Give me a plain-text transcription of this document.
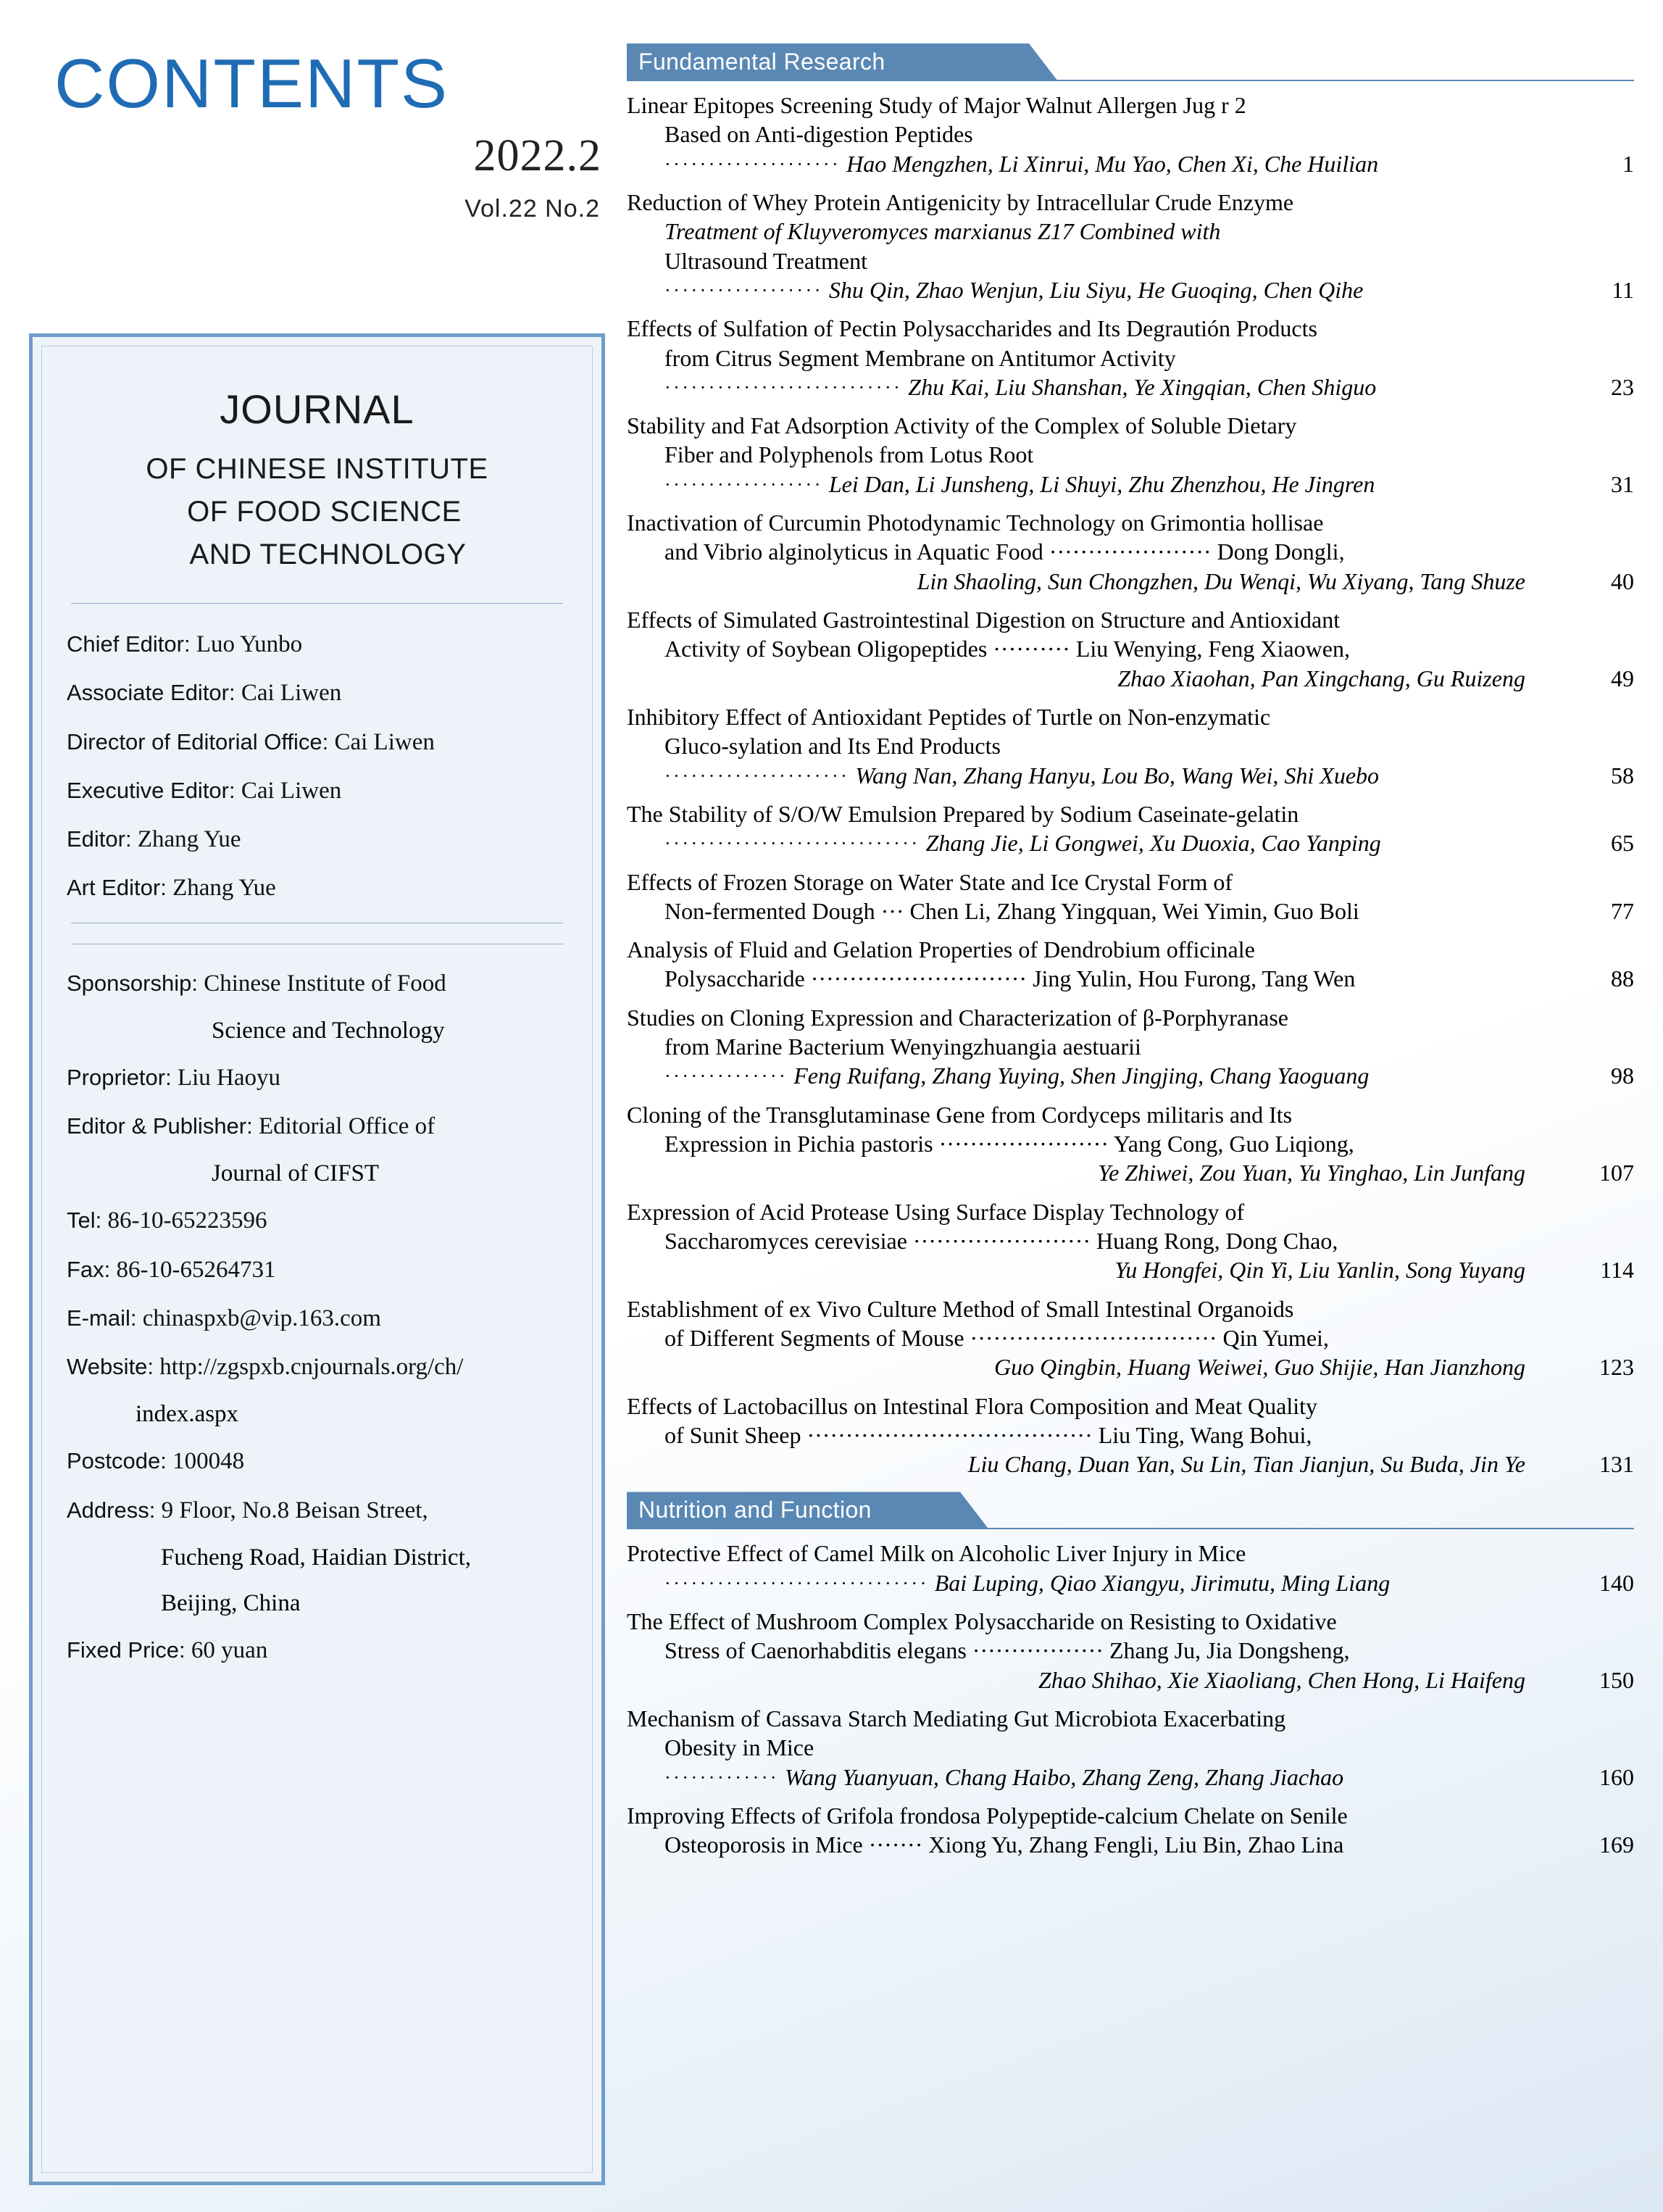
CONTENTS
2022.2
Vol.22 No.2
JOURNAL
OF CHINESE INSTITUTE
OF FOOD SCIENCE
AND TECHNOLOGY
Chief Editor: Luo Yunbo
Associate Editor: Cai Liwen
Director of Editorial Office: Cai Liwen
Executive Editor: Cai Liwen
Editor: Zhang Yue
Art Editor: Zhang Yue
Sponsorship: Chinese Institute of Food
Science and Technology
Proprietor: Liu Haoyu
Editor & Publisher: Editorial Office of
Journal of CIFST
Tel: 86-10-65223596
Fax: 86-10-65264731
E-mail: chinaspxb@vip.163.com
Website: http://zgspxb.cnjournals.org/ch/
index.aspx
Postcode: 100048
Address: 9 Floor, No.8 Beisan Street,
Fucheng Road, Haidian District,
Beijing, China
Fixed Price: 60 yuan
Fundamental Research
Linear Epitopes Screening Study of Major Walnut Allergen Jug r 2
Based on Anti-digestion Peptides
···················· Hao Mengzhen, Li Xinrui, Mu Yao, Chen Xi, Che Huilian	1
Reduction of Whey Protein Antigenicity by Intracellular Crude Enzyme
Treatment of Kluyveromyces marxianus Z17 Combined with
Ultrasound Treatment
·················· Shu Qin, Zhao Wenjun, Liu Siyu, He Guoqing, Chen Qihe	11
Effects of Sulfation of Pectin Polysaccharides and Its Degrautión Products
from Citrus Segment Membrane on Antitumor Activity
··························· Zhu Kai, Liu Shanshan, Ye Xingqian, Chen Shiguo	23
Stability and Fat Adsorption Activity of the Complex of Soluble Dietary
Fiber and Polyphenols from Lotus Root
·················· Lei Dan, Li Junsheng, Li Shuyi, Zhu Zhenzhou, He Jingren	31
Inactivation of Curcumin Photodynamic Technology on Grimontia hollisae
and Vibrio alginolyticus in Aquatic Food ····················· Dong Dongli,
Lin Shaoling, Sun Chongzhen, Du Wenqi, Wu Xiyang, Tang Shuze	40
Effects of Simulated Gastrointestinal Digestion on Structure and Antioxidant
Activity of Soybean Oligopeptides ·········· Liu Wenying, Feng Xiaowen,
Zhao Xiaohan, Pan Xingchang, Gu Ruizeng	49
Inhibitory Effect of Antioxidant Peptides of Turtle on Non-enzymatic
Gluco-sylation and Its End Products
····················· Wang Nan, Zhang Hanyu, Lou Bo, Wang Wei, Shi Xuebo	58
The Stability of S/O/W Emulsion Prepared by Sodium Caseinate-gelatin
····························· Zhang Jie, Li Gongwei, Xu Duoxia, Cao Yanping	65
Effects of Frozen Storage on Water State and Ice Crystal Form of
Non-fermented Dough ··· Chen Li, Zhang Yingquan, Wei Yimin, Guo Boli	77
Analysis of Fluid and Gelation Properties of Dendrobium officinale
Polysaccharide ···························· Jing Yulin, Hou Furong, Tang Wen	88
Studies on Cloning Expression and Characterization of β-Porphyranase
from Marine Bacterium Wenyingzhuangia aestuarii
·············· Feng Ruifang, Zhang Yuying, Shen Jingjing, Chang Yaoguang	98
Cloning of the Transglutaminase Gene from Cordyceps militaris and Its
Expression in Pichia pastoris ······················ Yang Cong, Guo Liqiong,
Ye Zhiwei, Zou Yuan, Yu Yinghao, Lin Junfang	107
Expression of Acid Protease Using Surface Display Technology of
Saccharomyces cerevisiae ······················· Huang Rong, Dong Chao,
Yu Hongfei, Qin Yi, Liu Yanlin, Song Yuyang	114
Establishment of ex Vivo Culture Method of Small Intestinal Organoids
of Different Segments of Mouse ································ Qin Yumei,
Guo Qingbin, Huang Weiwei, Guo Shijie, Han Jianzhong	123
Effects of Lactobacillus on Intestinal Flora Composition and Meat Quality
of Sunit Sheep ····································· Liu Ting, Wang Bohui,
Liu Chang, Duan Yan, Su Lin, Tian Jianjun, Su Buda, Jin Ye	131
Nutrition and Function
Protective Effect of Camel Milk on Alcoholic Liver Injury in Mice
······························ Bai Luping, Qiao Xiangyu, Jirimutu, Ming Liang	140
The Effect of Mushroom Complex Polysaccharide on Resisting to Oxidative
Stress of Caenorhabditis elegans ················· Zhang Ju, Jia Dongsheng,
Zhao Shihao, Xie Xiaoliang, Chen Hong, Li Haifeng	150
Mechanism of Cassava Starch Mediating Gut Microbiota Exacerbating
Obesity in Mice
············· Wang Yuanyuan, Chang Haibo, Zhang Zeng, Zhang Jiachao	160
Improving Effects of Grifola frondosa Polypeptide-calcium Chelate on Senile
Osteoporosis in Mice ······· Xiong Yu, Zhang Fengli, Liu Bin, Zhao Lina	169
